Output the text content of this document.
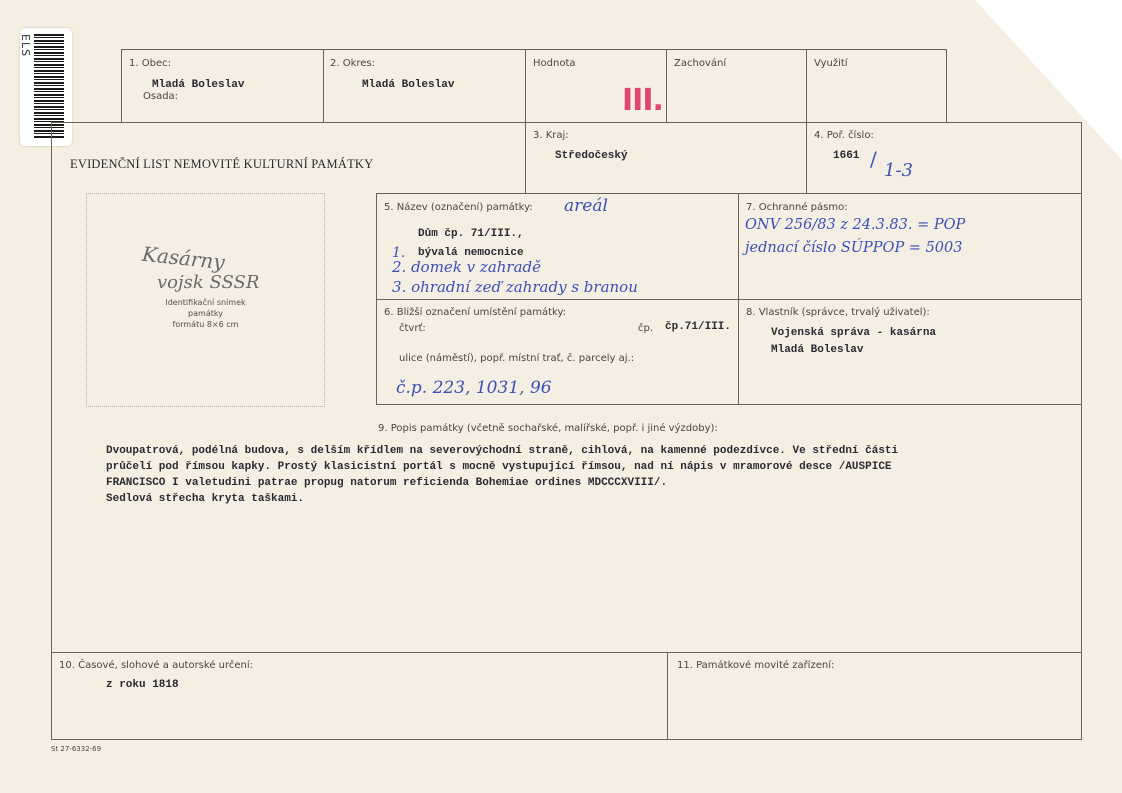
ELS
1. Obec:
Mladá Boleslav
Osada:
2. Okres:
Mladá Boleslav
Hodnota
III.
Zachování	Využití
EVIDENČNÍ LIST NEMOVITÉ KULTURNÍ PAMÁTKY
3. Kraj:
Středočeský
4. Poř. číslo:
1661 / 1-3
Kasárny
vojsk SSSR
Identifikační snímek
památky
formátu 8×6 cm
5. Název (označení) památky: areál
Dům čp. 71/III.,
1. bývalá nemocnice
2. domek v zahradě
3. ohradní zeď zahrady s branou
7. Ochranné pásmo:
ONV 256/83 z 24.3.83. = POP
jednací číslo SÚPPOP = 5003
6. Bližší označení umístění památky:
čtvrť:	čp. čp.71/III.
ulice (náměstí), popř. místní trať, č. parcely aj.:
č.p. 223, 1031, 96
8. Vlastník (správce, trvalý uživatel):
Vojenská správa - kasárna
Mladá Boleslav
9. Popis památky (včetně sochařské, malířské, popř. i jiné výzdoby):
Dvoupatrová, podélná budova, s delším křídlem na severovýchodní straně, cihlová, na kamenné podezdívce. Ve střední části
průčelí pod římsou kapky. Prostý klasicistní portál s mocně vystupující římsou, nad ní nápis v mramorové desce /AUSPICE
FRANCISCO I valetudini patrae propug natorum reficienda Bohemiae ordines MDCCCXVIII/.
Sedlová střecha kryta taškami.
10. Časové, slohové a autorské určení:
z roku 1818
11. Památkové movité zařízení:
St 27-6332-69
